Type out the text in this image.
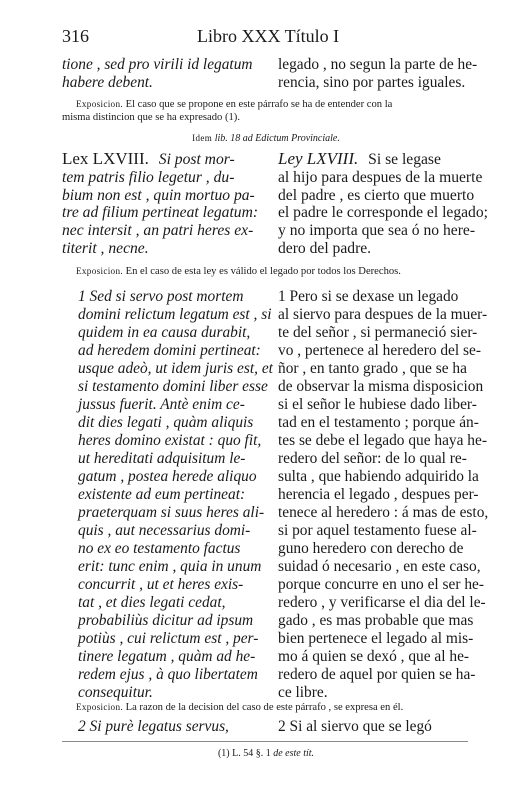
316	Libro XXX Título I
tione , sed pro virili id legatum
habere debent.
legado , no segun la parte de he-
rencia, sino por partes iguales.
Exposicion. El caso que se propone en este párrafo se ha de entender con la
misma distincion que se ha expresado (1).
Idem lib. 18 ad Edictum Provinciale.
Lex LXVIII. Si post mor-
tem patris filio legetur , du-
bium non est , quin mortuo pa-
tre ad filium pertineat legatum:
nec intersit , an patri heres ex-
titerit , necne.
Ley LXVIII. Si se legase
al hijo para despues de la muerte
del padre , es cierto que muerto
el padre le corresponde el legado;
y no importa que sea ó no here-
dero del padre.
Exposicion. En el caso de esta ley es válido el legado por todos los Derechos.
1 Sed si servo post mortem
domini relictum legatum est , si
quidem in ea causa durabit,
ad heredem domini pertineat:
usque adeò, ut idem juris est, et
si testamento domini liber esse
jussus fuerit. Antè enim ce-
dit dies legati , quàm aliquis
heres domino existat : quo fit,
ut hereditati adquisitum le-
gatum , postea herede aliquo
existente ad eum pertineat:
praeterquam si suus heres ali-
quis , aut necessarius domi-
no ex eo testamento factus
erit: tunc enim , quia in unum
concurrit , ut et heres exis-
tat , et dies legati cedat,
probabiliùs dicitur ad ipsum
potiùs , cui relictum est , per-
tinere legatum , quàm ad he-
redem ejus , à quo libertatem
consequitur.
1 Pero si se dexase un legado
al siervo para despues de la muer-
te del señor , si permaneció sier-
vo , pertenece al heredero del se-
ñor , en tanto grado , que se ha
de observar la misma disposicion
si el señor le hubiese dado liber-
tad en el testamento ; porque án-
tes se debe el legado que haya he-
redero del señor: de lo qual re-
sulta , que habiendo adquirido la
herencia el legado , despues per-
tenece al heredero : á mas de esto,
si por aquel testamento fuese al-
guno heredero con derecho de
suidad ó necesario , en este caso,
porque concurre en uno el ser he-
redero , y verificarse el dia del le-
gado , es mas probable que mas
bien pertenece el legado al mis-
mo á quien se dexó , que al he-
redero de aquel por quien se ha-
ce libre.
Exposicion. La razon de la decision del caso de este párrafo , se expresa en él.
2 Si purè legatus servus,	2 Si al siervo que se legó
(1) L. 54 §. 1 de este tít.
